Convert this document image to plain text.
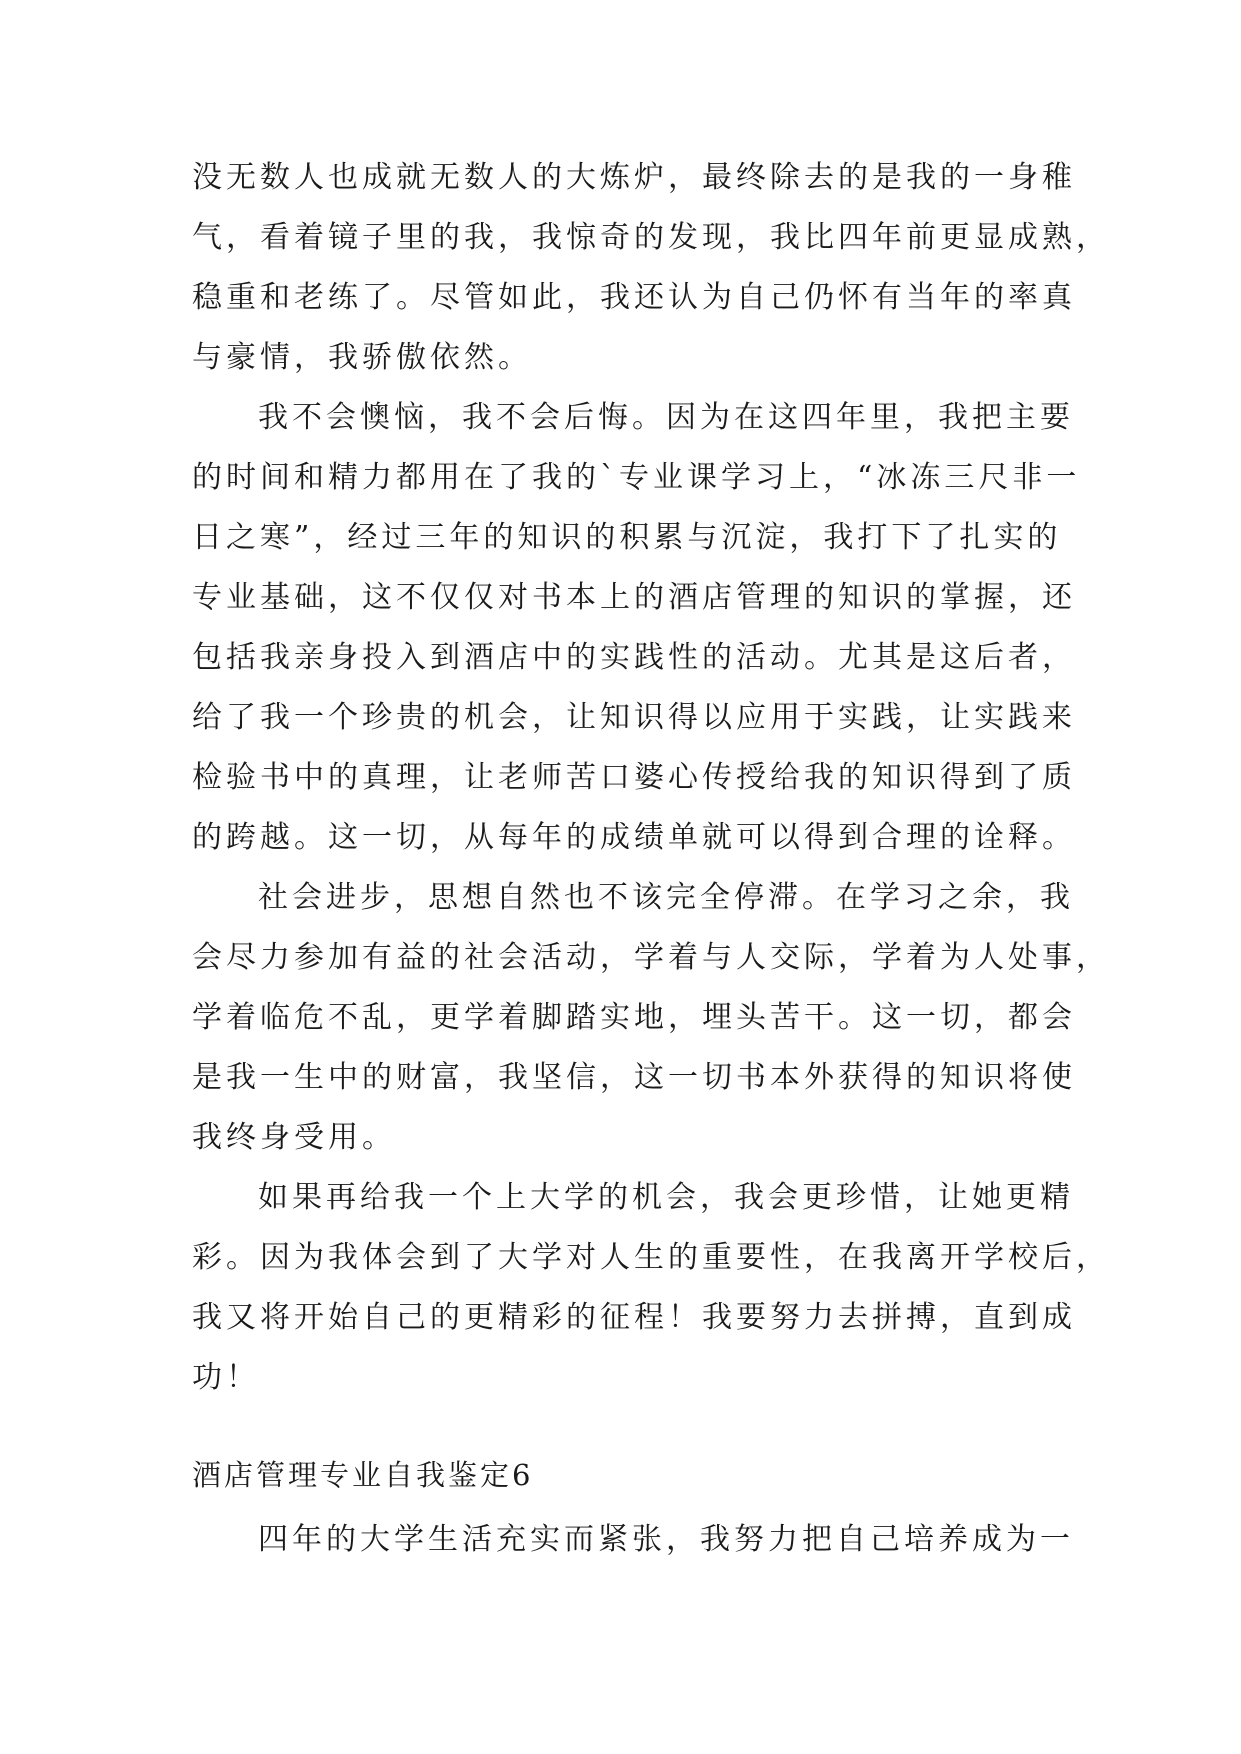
没无数人也成就无数人的大炼炉，最终除去的是我的一身稚
气，看着镜子里的我，我惊奇的发现，我比四年前更显成熟，
稳重和老练了。尽管如此，我还认为自己仍怀有当年的率真
与豪情，我骄傲依然。
我不会懊恼，我不会后悔。因为在这四年里，我把主要
的时间和精力都用在了我的`专业课学习上，“冰冻三尺非一
日之寒”，经过三年的知识的积累与沉淀，我打下了扎实的
专业基础，这不仅仅对书本上的酒店管理的知识的掌握，还
包括我亲身投入到酒店中的实践性的活动。尤其是这后者，
给了我一个珍贵的机会，让知识得以应用于实践，让实践来
检验书中的真理，让老师苦口婆心传授给我的知识得到了质
的跨越。这一切，从每年的成绩单就可以得到合理的诠释。
社会进步，思想自然也不该完全停滞。在学习之余，我
会尽力参加有益的社会活动，学着与人交际，学着为人处事，
学着临危不乱，更学着脚踏实地，埋头苦干。这一切，都会
是我一生中的财富，我坚信，这一切书本外获得的知识将使
我终身受用。
如果再给我一个上大学的机会，我会更珍惜，让她更精
彩。因为我体会到了大学对人生的重要性，在我离开学校后，
我又将开始自己的更精彩的征程！我要努力去拼搏，直到成
功！
酒店管理专业自我鉴定6
四年的大学生活充实而紧张，我努力把自己培养成为一
